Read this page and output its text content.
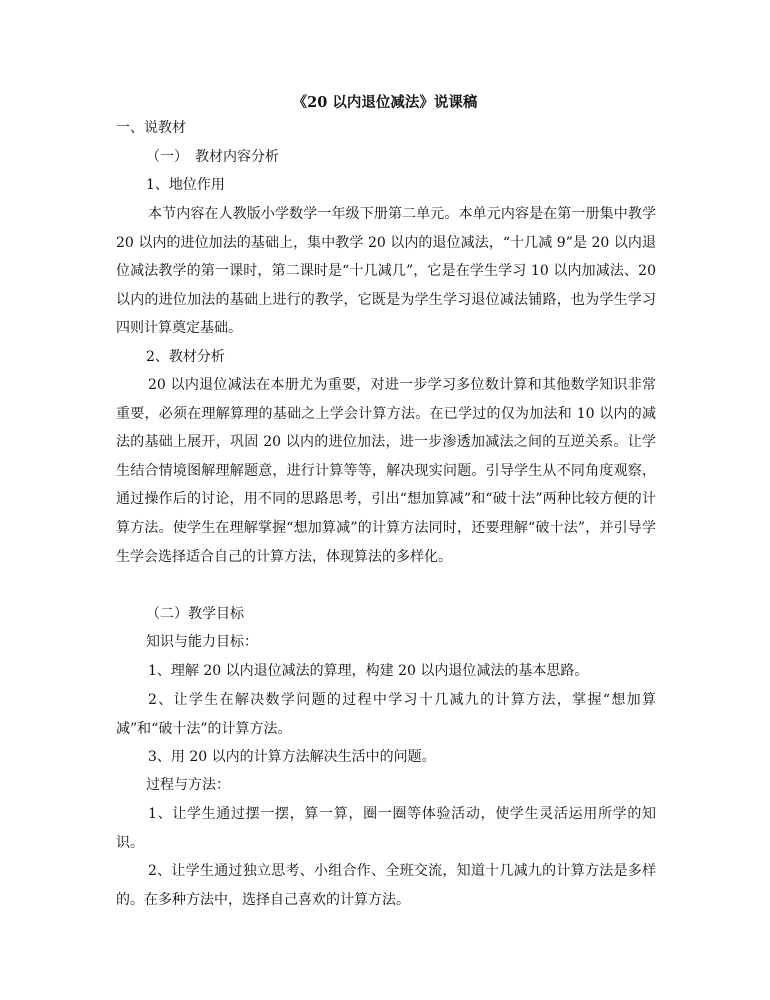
《20 以内退位减法》说课稿

一、说教材

（一）　教材内容分析

1、地位作用

本节内容在人教版小学数学一年级下册第二单元。本单元内容是在第一册集中教学 20 以内的进位加法的基础上，集中教学 20 以内的退位减法，“十几减 9”是 20 以内退位减法教学的第一课时，第二课时是“十几减几”，它是在学生学习 10 以内加减法、20 以内的进位加法的基础上进行的教学，它既是为学生学习退位减法铺路，也为学生学习四则计算奠定基础。

2、教材分析

20 以内退位减法在本册尤为重要，对进一步学习多位数计算和其他数学知识非常重要，必须在理解算理的基础之上学会计算方法。在已学过的仅为加法和 10 以内的减法的基础上展开，巩固 20 以内的进位加法，进一步渗透加减法之间的互逆关系。让学生结合情境图解理解题意，进行计算等等，解决现实问题。引导学生从不同角度观察，通过操作后的讨论，用不同的思路思考，引出“想加算减”和“破十法”两种比较方便的计算方法。使学生在理解掌握“想加算减”的计算方法同时，还要理解“破十法”，并引导学生学会选择适合自己的计算方法，体现算法的多样化。

（二）教学目标

知识与能力目标：

1、理解 20 以内退位减法的算理，构建 20 以内退位减法的基本思路。

2、让学生在解决数学问题的过程中学习十几减九的计算方法，掌握“想加算减”和“破十法”的计算方法。

3、用 20 以内的计算方法解决生活中的问题。

过程与方法：

1、让学生通过摆一摆，算一算，圈一圈等体验活动，使学生灵活运用所学的知识。

2、让学生通过独立思考、小组合作、全班交流，知道十几减九的计算方法是多样的。在多种方法中，选择自己喜欢的计算方法。
